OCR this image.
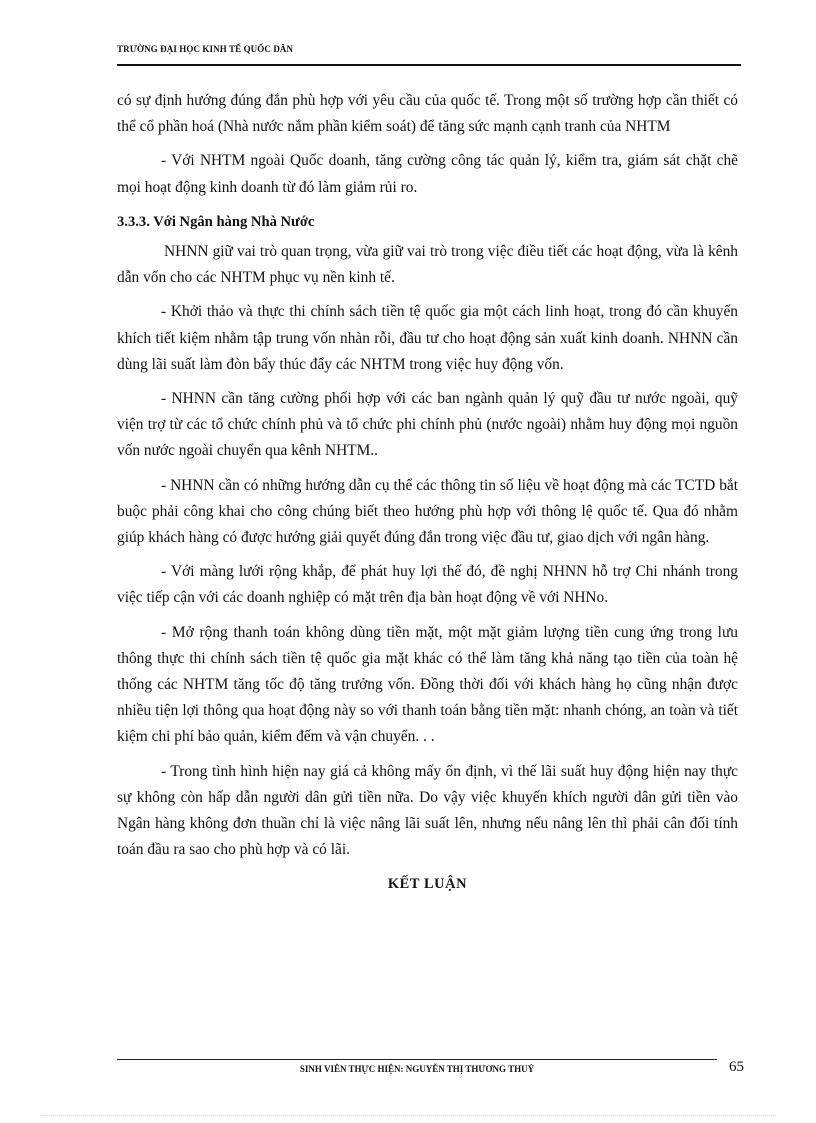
TRƯỜNG ĐẠI HỌC KINH TẾ QUỐC DÂN

có sự định hướng đúng đắn phù hợp với yêu cầu của quốc tế. Trong một số trường hợp cần thiết có thể cổ phần hoá (Nhà nước nắm phần kiểm soát) để tăng sức mạnh cạnh tranh của NHTM

- Với NHTM ngoài Quốc doanh, tăng cường công tác quản lý, kiểm tra, giám sát chặt chẽ mọi hoạt động kinh doanh từ đó làm giảm rủi ro.

3.3.3. Với Ngân hàng Nhà Nước

NHNN giữ vai trò quan trọng, vừa giữ vai trò trong việc điều tiết các hoạt động, vừa là kênh dẫn vốn cho các NHTM phục vụ nền kinh tế.

- Khởi thảo và thực thi chính sách tiền tệ quốc gia một cách linh hoạt, trong đó cần khuyến khích tiết kiệm nhằm tập trung vốn nhàn rỗi, đầu tư cho hoạt động sản xuất kinh doanh. NHNN cần dùng lãi suất làm đòn bẩy thúc đẩy các NHTM trong việc huy động vốn.

- NHNN cần tăng cường phối hợp với các ban ngành quản lý quỹ đầu tư nước ngoài, quỹ viện trợ từ các tổ chức chính phủ và tổ chức phi chính phủ (nước ngoài) nhằm huy động mọi nguồn vốn nước ngoài chuyển qua kênh NHTM..

- NHNN cần có những hướng dẫn cụ thể các thông tin số liệu về hoạt động mà các TCTD bắt buộc phải công khai cho công chúng biết theo hướng phù hợp với thông lệ quốc tế. Qua đó nhằm giúp khách hàng có được hướng giải quyết đúng đắn trong việc đầu tư, giao dịch với ngân hàng.

- Với màng lưới rộng khắp, để phát huy lợi thế đó, đề nghị NHNN hỗ trợ Chi nhánh trong việc tiếp cận với các doanh nghiệp có mặt trên địa bàn hoạt động về với NHNo.

- Mở rộng thanh toán không dùng tiền mặt, một mặt giảm lượng tiền cung ứng trong lưu thông thực thi chính sách tiền tệ quốc gia mặt khác có thể làm tăng khả năng tạo tiền của toàn hệ thống các NHTM tăng tốc độ tăng trưởng vốn. Đồng thời đối với khách hàng họ cũng nhận được nhiều tiện lợi thông qua hoạt động này so với thanh toán bằng tiền mặt: nhanh chóng, an toàn và tiết kiệm chi phí bảo quản, kiểm đếm và vận chuyển. . .

- Trong tình hình hiện nay giá cả không mấy ổn định, vì thế lãi suất huy động hiện nay thực sự không còn hấp dẫn người dân gửi tiền nữa. Do vậy việc khuyến khích người dân gửi tiền vào Ngân hàng không đơn thuần chỉ là việc nâng lãi suất lên, nhưng nếu nâng lên thì phải cân đối tính toán đầu ra sao cho phù hợp và có lãi.

KẾT LUẬN

SINH VIÊN THỰC HIỆN: NGUYỄN THỊ THƯƠNG THUỶ	65
